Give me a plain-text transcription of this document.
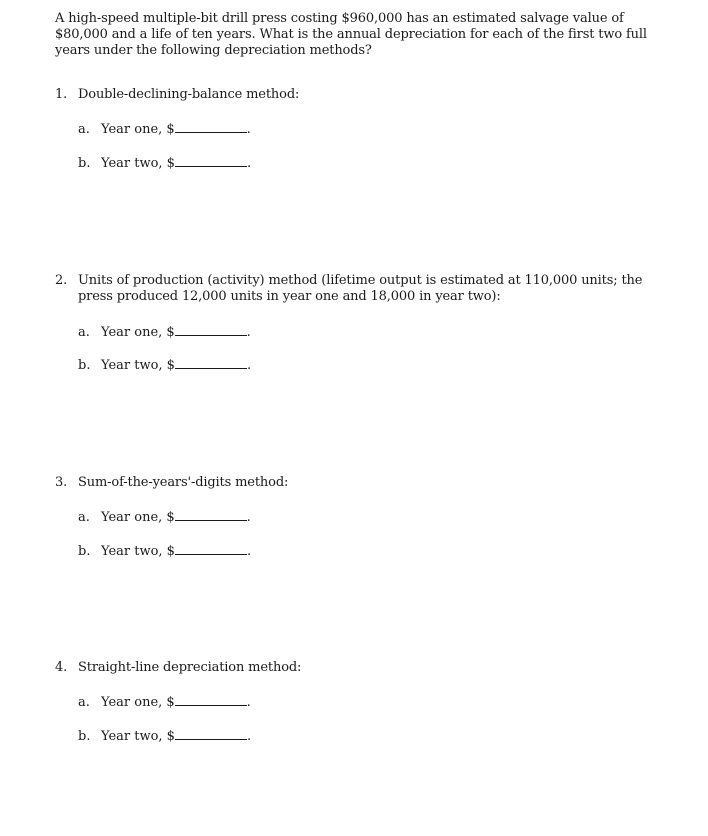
A high-speed multiple-bit drill press costing $960,000 has an estimated salvage value of $80,000 and a life of ten years. What is the annual depreciation for each of the first two full years under the following depreciation methods?
1. Double-declining-balance method:
a. Year one, $	.
b. Year two, $	.
2. Units of production (activity) method (lifetime output is estimated at 110,000 units; the press produced 12,000 units in year one and 18,000 in year two):
a. Year one, $	.
b. Year two, $	.
3. Sum-of-the-years'-digits method:
a. Year one, $	.
b. Year two, $	.
4. Straight-line depreciation method:
a. Year one, $	.
b. Year two, $	.
